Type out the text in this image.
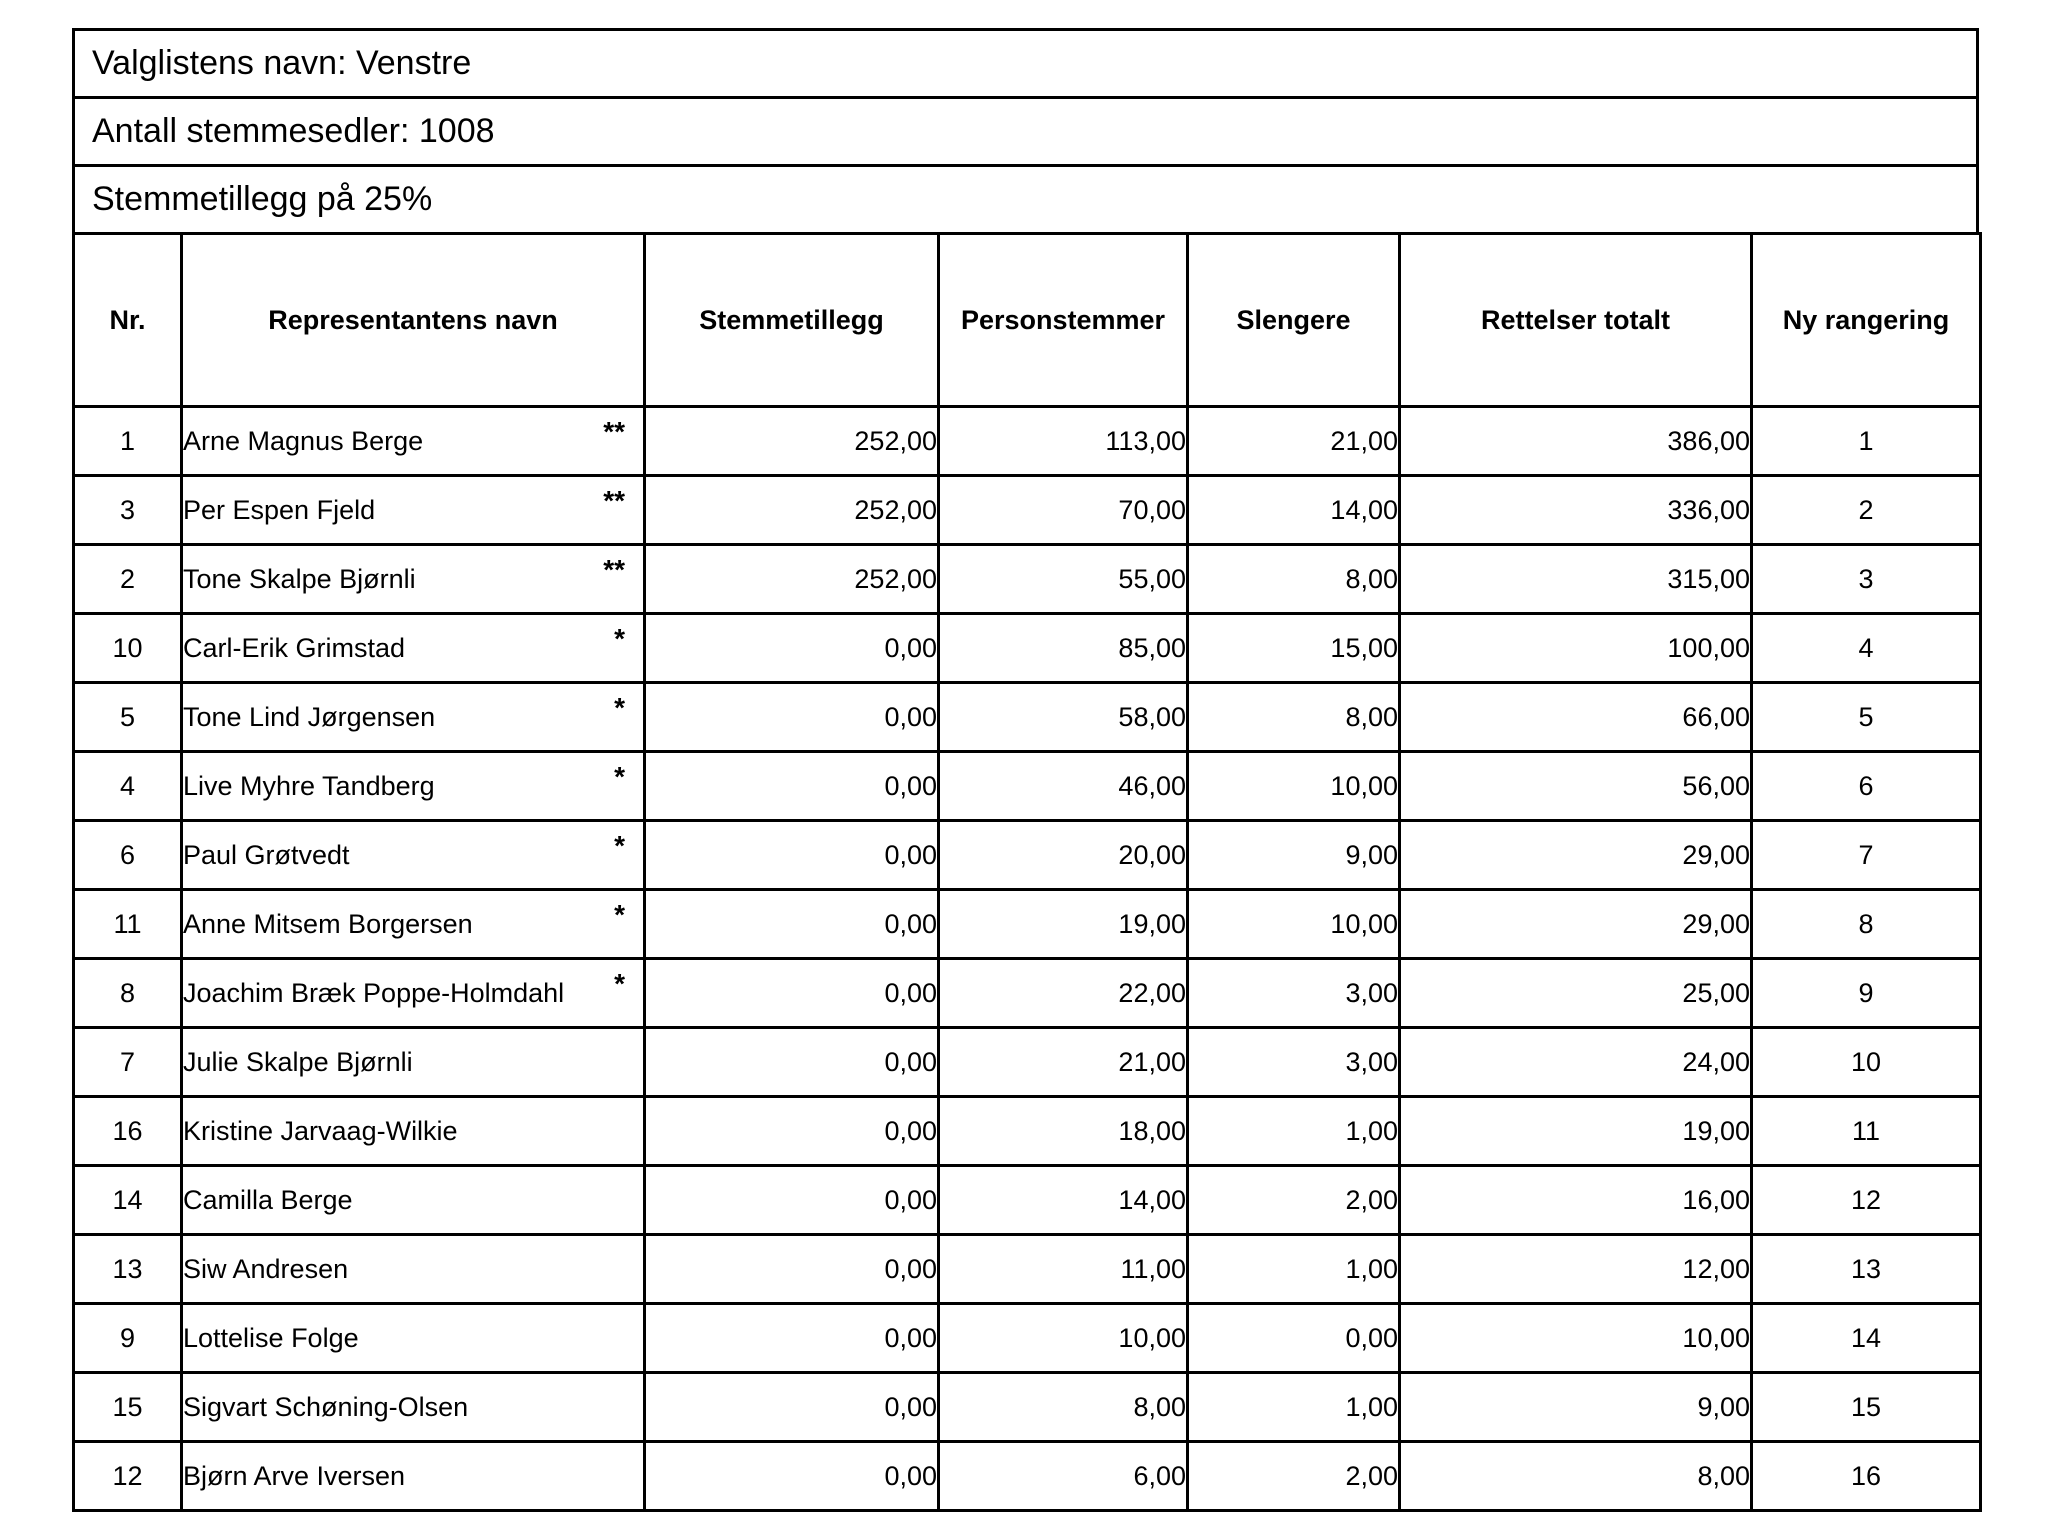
Valglistens navn: Venstre
Antall stemmesedler: 1008
Stemmetillegg på 25%
Nr.	Representantens navn	Stemmetillegg	Personstemmer	Slengere	Rettelser totalt	Ny rangering
1	Arne Magnus Berge **	252,00	113,00	21,00	386,00	1
3	Per Espen Fjeld **	252,00	70,00	14,00	336,00	2
2	Tone Skalpe Bjørnli **	252,00	55,00	8,00	315,00	3
10	Carl-Erik Grimstad *	0,00	85,00	15,00	100,00	4
5	Tone Lind Jørgensen *	0,00	58,00	8,00	66,00	5
4	Live Myhre Tandberg *	0,00	46,00	10,00	56,00	6
6	Paul Grøtvedt *	0,00	20,00	9,00	29,00	7
11	Anne Mitsem Borgersen *	0,00	19,00	10,00	29,00	8
8	Joachim Bræk Poppe-Holmdahl *	0,00	22,00	3,00	25,00	9
7	Julie Skalpe Bjørnli	0,00	21,00	3,00	24,00	10
16	Kristine Jarvaag-Wilkie	0,00	18,00	1,00	19,00	11
14	Camilla Berge	0,00	14,00	2,00	16,00	12
13	Siw Andresen	0,00	11,00	1,00	12,00	13
9	Lottelise Folge	0,00	10,00	0,00	10,00	14
15	Sigvart Schøning-Olsen	0,00	8,00	1,00	9,00	15
12	Bjørn Arve Iversen	0,00	6,00	2,00	8,00	16
